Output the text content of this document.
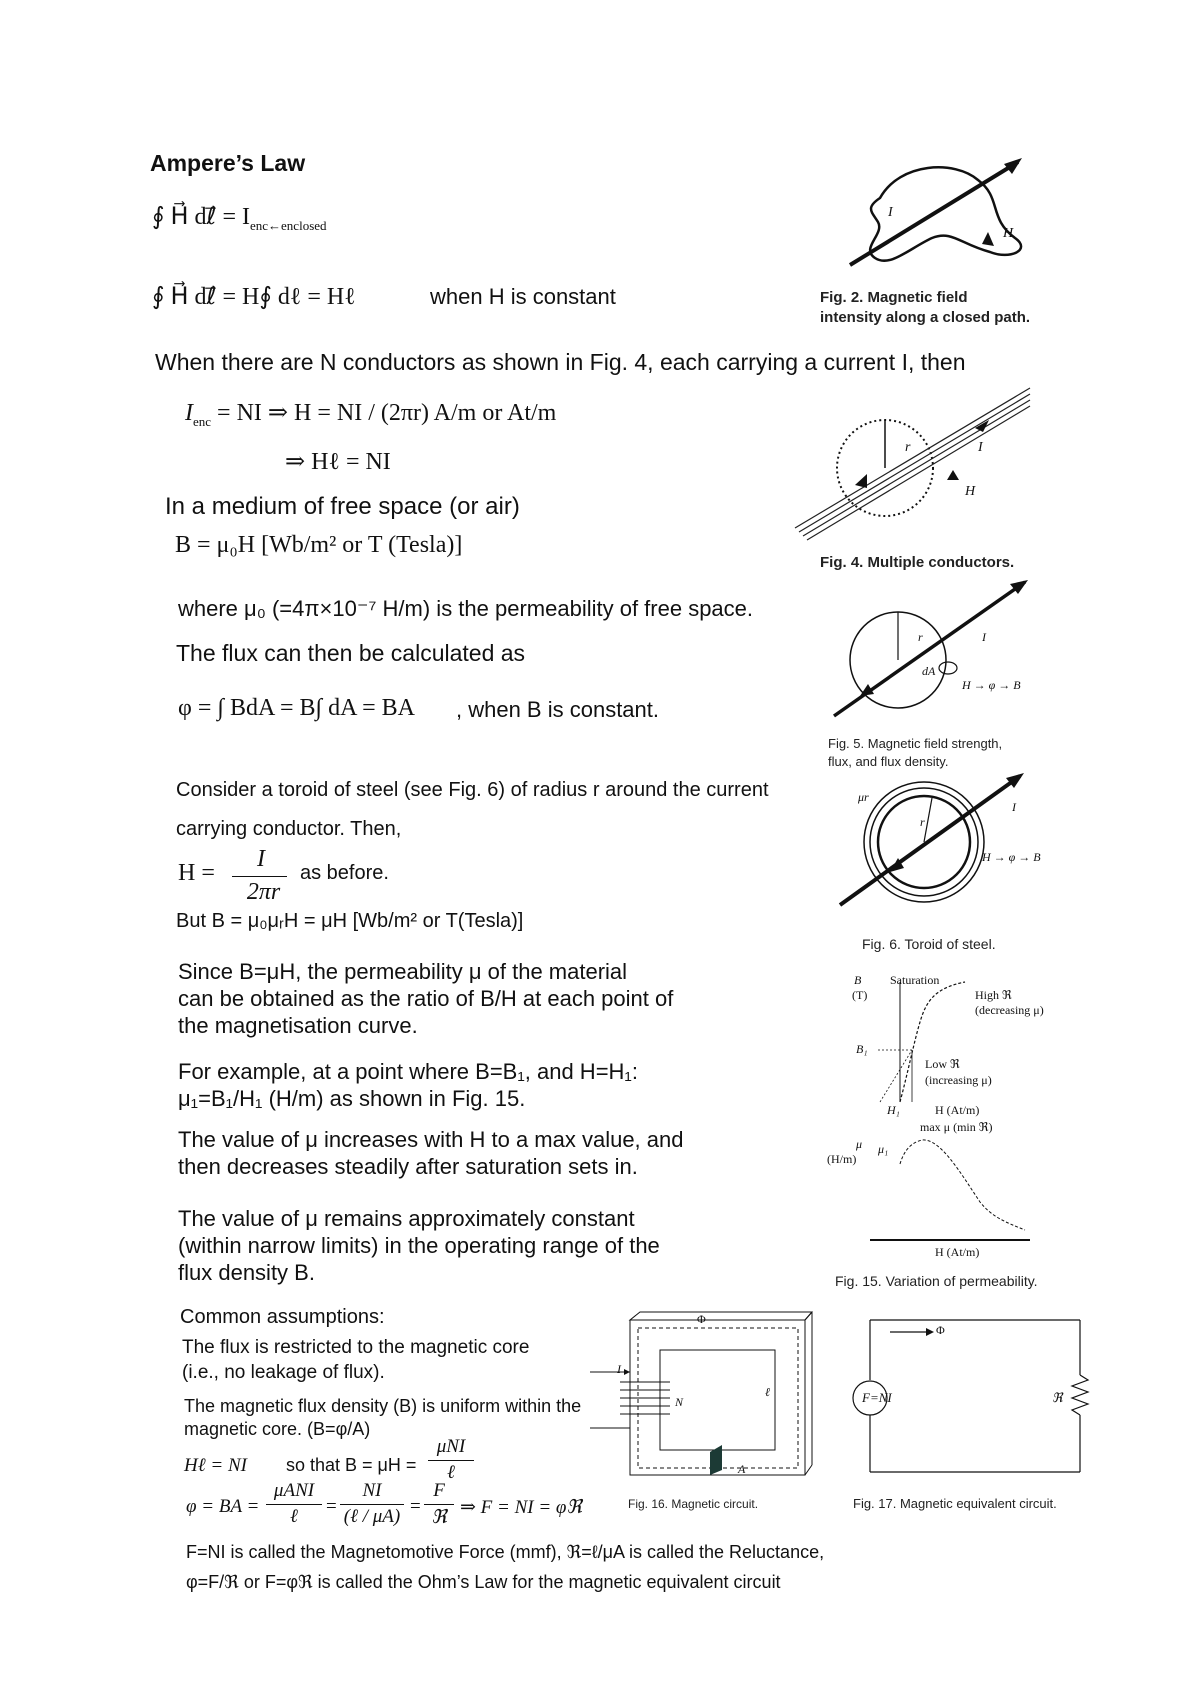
Ampere’s Law
∮ H⃗ dℓ⃗ = $I_{enc\leftarrow enclosed}$
∮ H⃗ dℓ⃗ = H∮ dℓ = Hℓ	when H is constant
When there are N conductors as shown in Fig. 4, each carrying a current I, then
$I_{enc}$ = NI ⇒ H = NI / (2πr) A/m or At/m
⇒ Hℓ = NI
In a medium of free space (or air)
B = μ₀H [Wb/m² or T (Tesla)]
where μ₀ (=4π×10⁻⁷ H/m) is the permeability of free space.
The flux can then be calculated as
φ = ∫ BdA = B∫ dA = BA , when B is constant.
Consider a toroid of steel (see Fig. 6) of radius r around the current
carrying conductor. Then,
H =
I
2πr
as before.
But B = μ₀μᵣH = μH [Wb/m² or T(Tesla)]
Since B=μH, the permeability μ of the material
can be obtained as the ratio of B/H at each point of
the magnetisation curve.
For example, at a point where B=B₁, and H=H₁:
μ₁=B₁/H₁ (H/m) as shown in Fig. 15.
The value of μ increases with H to a max value, and
then decreases steadily after saturation sets in.
The value of μ remains approximately constant
(within narrow limits) in the operating range of the
flux density B.
Common assumptions:
The flux is restricted to the magnetic core
(i.e., no leakage of flux).
The magnetic flux density (B) is uniform within the
magnetic core. (B=φ/A)
Hℓ = NI so that B = μH =
μNI
ℓ
φ = BA =
μANI
ℓ	=
NI
(ℓ / μA) =
F
ℜ ⇒ F = NI = φℜ
F=NI is called the Magnetomotive Force (mmf), ℜ=ℓ/μA is called the Reluctance,
φ=F/ℜ or F=φℜ is called the Ohm’s Law for the magnetic equivalent circuit
I
H
Fig. 2. Magnetic field
intensity along a closed path.
r	I
H
Fig. 4. Multiple conductors.
r	I
dA
H → φ → B
Fig. 5. Magnetic field strength,
flux, and flux density.
μr
I
r
H → φ → B
Fig. 6. Toroid of steel.
B
(T)
Saturation
High ℜ
(decreasing μ)
B₁
Low ℜ
(increasing μ)
H₁	H (At/m)
μ
(H/m)
μ₁
max μ (min ℜ)
H (At/m)
Fig. 15. Variation of permeability.
Φ
I
N
ℓ
A
Fig. 16. Magnetic circuit.
Φ
F=NI	ℜ
Fig. 17. Magnetic equivalent circuit.
